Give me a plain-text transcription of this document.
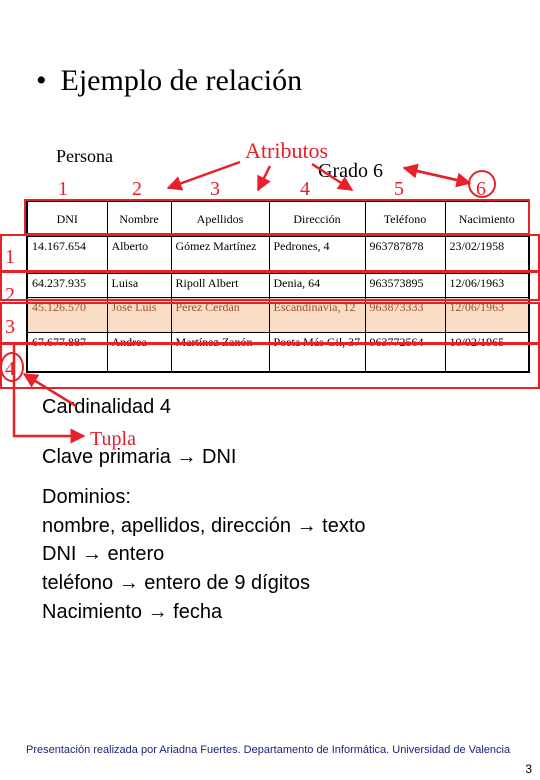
• Ejemplo de relación
Persona	Atributos
Grado 6
1	2	3	4	5	6
DNI	Nombre	Apellidos	Dirección	Teléfono	Nacimiento
14.167.654	Alberto	Gómez Martínez	Pedrones, 4	963787878	23/02/1958
64.237.935	Luisa	Ripoll Albert	Denia, 64	963573895	12/06/1963
45.126.570	José Luis	Pérez Cerdán	Escandinavia, 12	963873333	12/06/1963
67.677.887	Andrea	Martínez Zanón	Poeta Más Gil, 37	963772564	10/02/1965
1
2
3
4
Cardinalidad 4
Tupla
Clave primaria → DNI
Dominios:
nombre, apellidos, dirección → texto
DNI → entero
teléfono → entero de 9 dígitos
Nacimiento → fecha
Presentación realizada por Ariadna Fuertes. Departamento de Informática. Universidad de Valencia
3
